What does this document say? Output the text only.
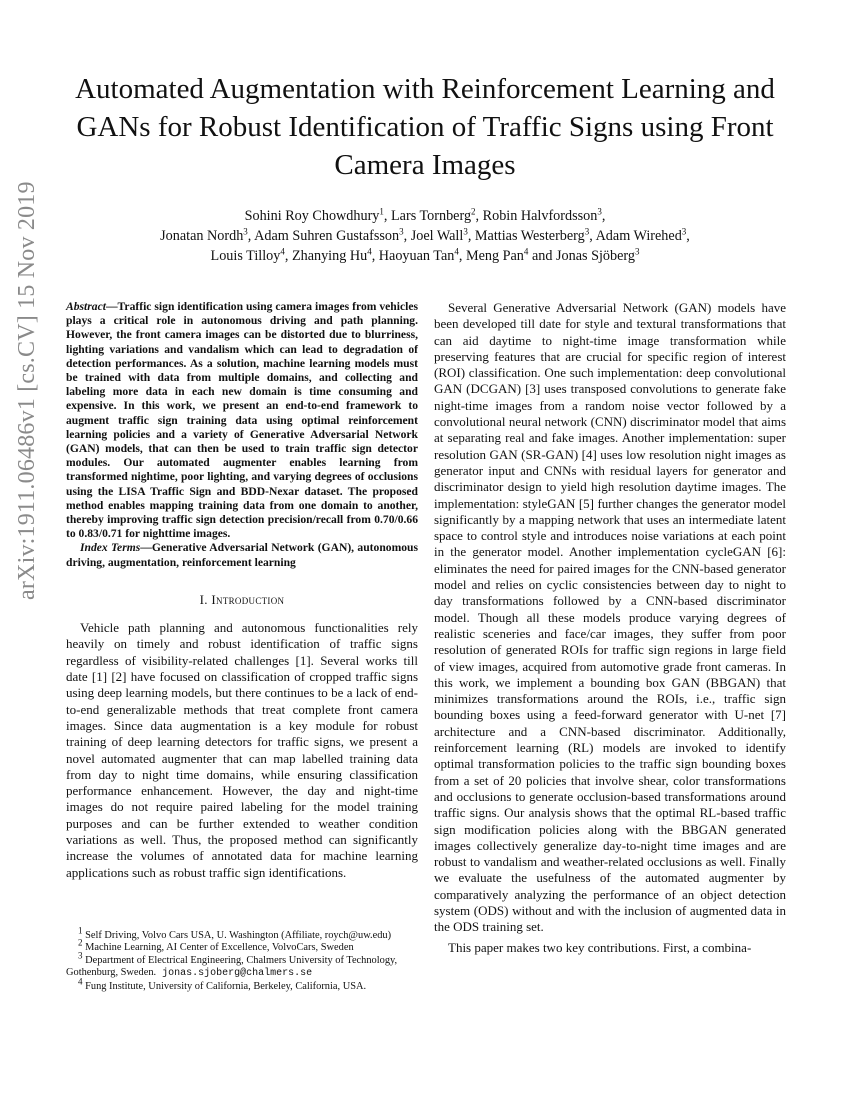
arXiv:1911.06486v1 [cs.CV] 15 Nov 2019
Automated Augmentation with Reinforcement Learning and GANs for Robust Identification of Traffic Signs using Front Camera Images
Sohini Roy Chowdhury$^1$, Lars Tornberg$^2$, Robin Halvfordsson$^3$,
Jonatan Nordh$^3$, Adam Suhren Gustafsson$^3$, Joel Wall$^3$, Mattias Westerberg$^3$, Adam Wirehed$^3$,
Louis Tilloy$^4$, Zhanying Hu$^4$, Haoyuan Tan$^4$, Meng Pan$^4$ and Jonas Sjöberg$^3$

Abstract—Traffic sign identification using camera images from vehicles plays a critical role in autonomous driving and path planning. However, the front camera images can be distorted due to blurriness, lighting variations and vandalism which can lead to degradation of detection performances. As a solution, machine learning models must be trained with data from multiple domains, and collecting and labeling more data in each new domain is time consuming and expensive. In this work, we present an end-to-end framework to augment traffic sign training data using optimal reinforcement learning policies and a variety of Generative Adversarial Network (GAN) models, that can then be used to train traffic sign detector modules. Our automated augmenter enables learning from transformed nightime, poor lighting, and varying degrees of occlusions using the LISA Traffic Sign and BDD-Nexar dataset. The proposed method enables mapping training data from one domain to another, thereby improving traffic sign detection precision/recall from 0.70/0.66 to 0.83/0.71 for nighttime images.

Index Terms—Generative Adversarial Network (GAN), autonomous driving, augmentation, reinforcement learning

I. Introduction

Vehicle path planning and autonomous functionalities rely heavily on timely and robust identification of traffic signs regardless of visibility-related challenges [1]. Several works till date [1] [2] have focused on classification of cropped traffic signs using deep learning models, but there continues to be a lack of end-to-end generalizable methods that treat complete front camera images. Since data augmentation is a key module for robust training of deep learning detectors for traffic signs, we present a novel automated augmenter that can map labelled training data from day to night time domains, while ensuring classification performance enhancement. However, the day and night-time images do not require paired labeling for the model training purposes and can be further extended to weather condition variations as well. Thus, the proposed method can significantly increase the volumes of annotated data for machine learning applications such as robust traffic sign identifications.

$^1$ Self Driving, Volvo Cars USA, U. Washington (Affiliate, roych@uw.edu)

$^2$ Machine Learning, AI Center of Excellence, VolvoCars, Sweden

$^3$ Department of Electrical Engineering, Chalmers University of Technology, Gothenburg, Sweden. jonas.sjoberg@chalmers.se

$^4$ Fung Institute, University of California, Berkeley, California, USA.

Several Generative Adversarial Network (GAN) models have been developed till date for style and textural transformations that can aid daytime to night-time image transformation while preserving features that are crucial for specific region of interest (ROI) classification. One such implementation: deep convolutional GAN (DCGAN) [3] uses transposed convolutions to generate fake night-time images from a random noise vector followed by a convolutional neural network (CNN) discriminator model that aims at separating real and fake images. Another implementation: super resolution GAN (SR-GAN) [4] uses low resolution night images as generator input and CNNs with residual layers for generator and discriminator design to yield high resolution daytime images. The implementation: styleGAN [5] further changes the generator model significantly by a mapping network that uses an intermediate latent space to control style and introduces noise variations at each point in the generator model. Another implementation cycleGAN [6]: eliminates the need for paired images for the CNN-based generator model and relies on cyclic consistencies between day to night to day transformations followed by a CNN-based discriminator model. Though all these models produce varying degrees of realistic sceneries and face/car images, they suffer from poor resolution of generated ROIs for traffic sign regions in large field of view images, acquired from automotive grade front cameras. In this work, we implement a bounding box GAN (BBGAN) that minimizes transformations around the ROIs, i.e., traffic sign bounding boxes using a feed-forward generator with U-net [7] architecture and a CNN-based discriminator. Additionally, reinforcement learning (RL) models are invoked to identify optimal transformation policies to the traffic sign bounding boxes from a set of 20 policies that involve shear, color transformations and occlusions to generate occlusion-based transformations around traffic signs. Our analysis shows that the optimal RL-based traffic sign modification policies along with the BBGAN generated images collectively generalize day-to-night time images and are robust to vandalism and weather-related occlusions as well. Finally we evaluate the usefulness of the automated augmenter by comparatively analyzing the performance of an object detection system (ODS) without and with the inclusion of augmented data in the ODS training set.

This paper makes two key contributions. First, a combina-
